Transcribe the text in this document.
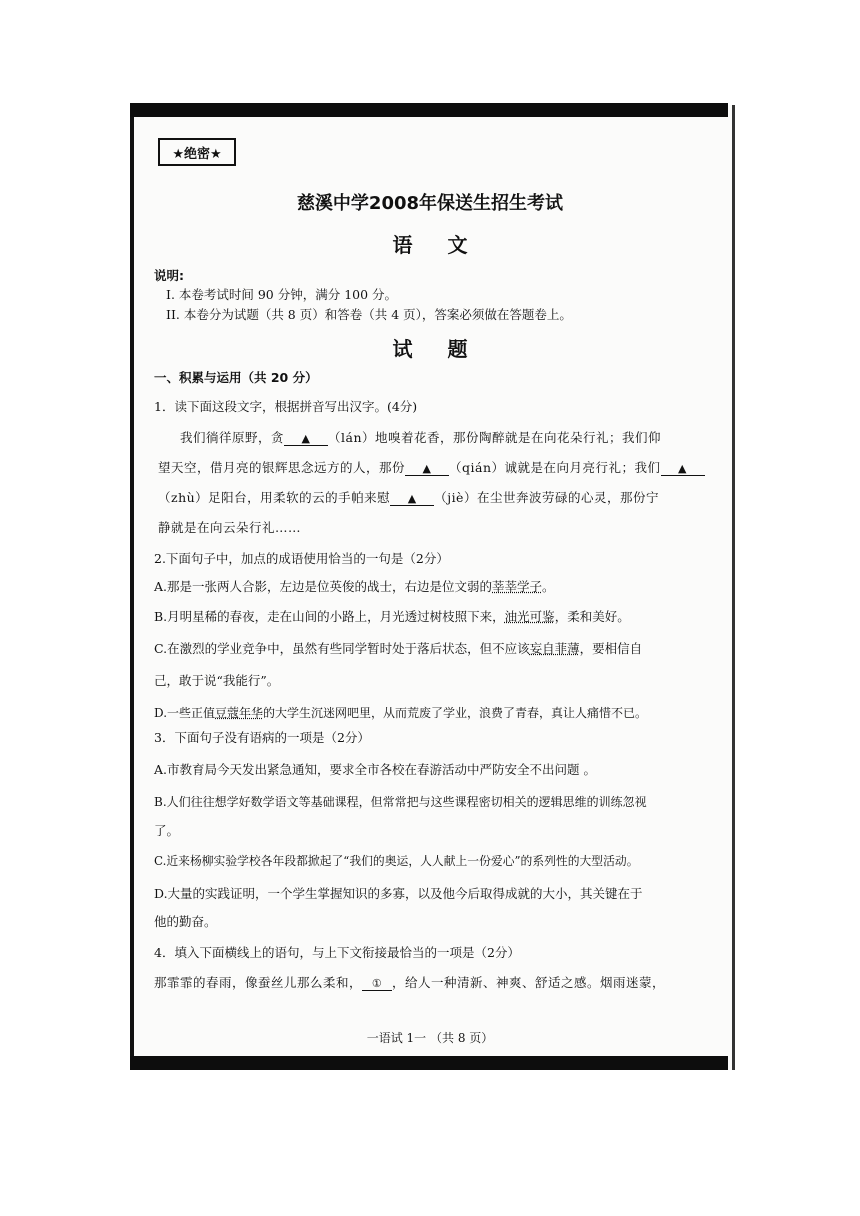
★绝密★
慈溪中学2008年保送生招生考试
语 文
说明:
I. 本卷考试时间 90 分钟，满分 100 分。
II. 本卷分为试题（共 8 页）和答卷（共 4 页），答案必须做在答题卷上。
试 题
一、积累与运用（共 20 分）
1．读下面这段文字，根据拼音写出汉字。(4分)
我们徜徉原野，贪 ▲ （lán）地嗅着花香，那份陶醉就是在向花朵行礼；我们仰
望天空，借月亮的银辉思念远方的人，那份 ▲ （qián）诚就是在向月亮行礼；我们 ▲
（zhù）足阳台，用柔软的云的手帕来慰 ▲ （jiè）在尘世奔波劳碌的心灵，那份宁
静就是在向云朵行礼……
2.下面句子中，加点的成语使用恰当的一句是（2分）
A.那是一张两人合影，左边是位英俊的战士，右边是位文弱的莘莘学子。
B.月明星稀的春夜，走在山间的小路上，月光透过树枝照下来，油光可鉴，柔和美好。
C.在激烈的学业竞争中，虽然有些同学暂时处于落后状态，但不应该妄自菲薄，要相信自
己，敢于说“我能行”。
D.一些正值豆蔻年华的大学生沉迷网吧里，从而荒废了学业，浪费了青春，真让人痛惜不已。
3．下面句子没有语病的一项是（2分）
A.市教育局今天发出紧急通知，要求全市各校在春游活动中严防安全不出问题 。
B.人们往往想学好数学语文等基础课程，但常常把与这些课程密切相关的逻辑思维的训练忽视
了。
C.近来杨柳实验学校各年段都掀起了“我们的奥运，人人献上一份爱心”的系列性的大型活动。
D.大量的实践证明，一个学生掌握知识的多寡，以及他今后取得成就的大小，其关键在于
他的勤奋。
4．填入下面横线上的语句，与上下文衔接最恰当的一项是（2分）
那霏霏的春雨，像蚕丝儿那么柔和， ① ，给人一种清新、神爽、舒适之感。烟雨迷蒙，
一语试 1一 （共 8 页）
